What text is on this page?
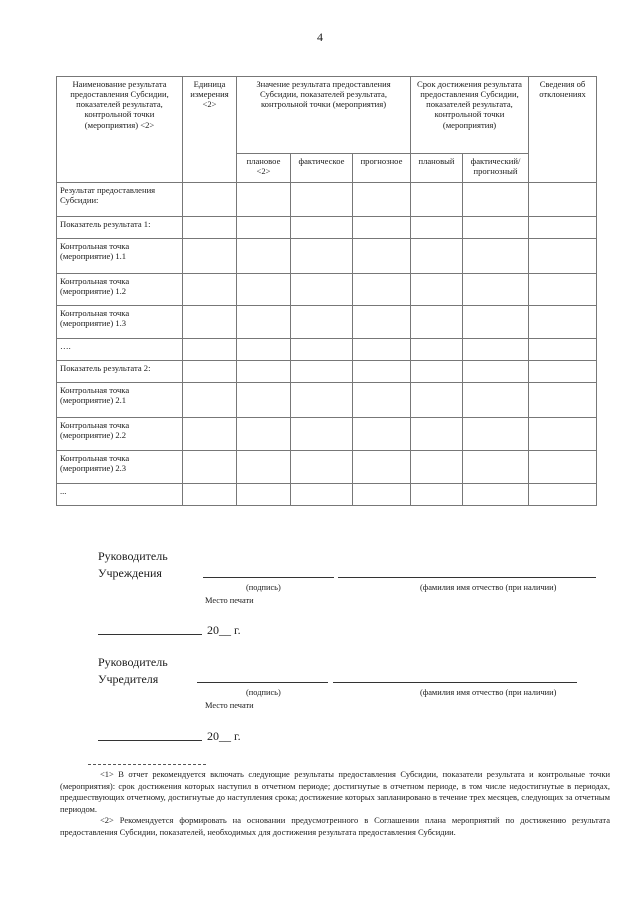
4
Наименование результата предоставления Субсидии, показателей результата, контрольной точки (мероприятия) <2>	Единица измерения <2>	Значение результата предоставления Субсидии, показателей результата, контрольной точки (мероприятия)			Срок достижения результата предоставления Субсидии, показателей результата, контрольной точки (мероприятия)		Сведения об отклонениях
		плановое <2>	фактическое	прогнозное	плановый	фактический/ прогнозный	
Результат предоставления Субсидии:							
Показатель результата 1:							
Контрольная точка (мероприятие) 1.1							
Контрольная точка (мероприятие) 1.2							
Контрольная точка (мероприятие) 1.3							
….							
Показатель результата 2:							
Контрольная точка (мероприятие) 2.1							
Контрольная точка (мероприятие) 2.2							
Контрольная точка (мероприятие) 2.3							
...							
Руководитель
Учреждения
(подпись)	(фамилия имя отчество (при наличии)
Место печати
20__ г.
Руководитель
Учредителя
(подпись)	(фамилия имя отчество (при наличии)
Место печати
20__ г.

<1> В отчет рекомендуется включать следующие результаты предоставления Субсидии, показатели результата и контрольные точки (мероприятия): срок достижения которых наступил в отчетном периоде; достигнутые в отчетном периоде, в том числе недостигнутые в периодах, предшествующих отчетному, достигнутые до наступления срока; достижение которых запланировано в течение трех месяцев, следующих за отчетным периодом.

<2> Рекомендуется формировать на основании предусмотренного в Соглашении плана мероприятий по достижению результата предоставления Субсидии, показателей, необходимых для достижения результата предоставления Субсидии.
